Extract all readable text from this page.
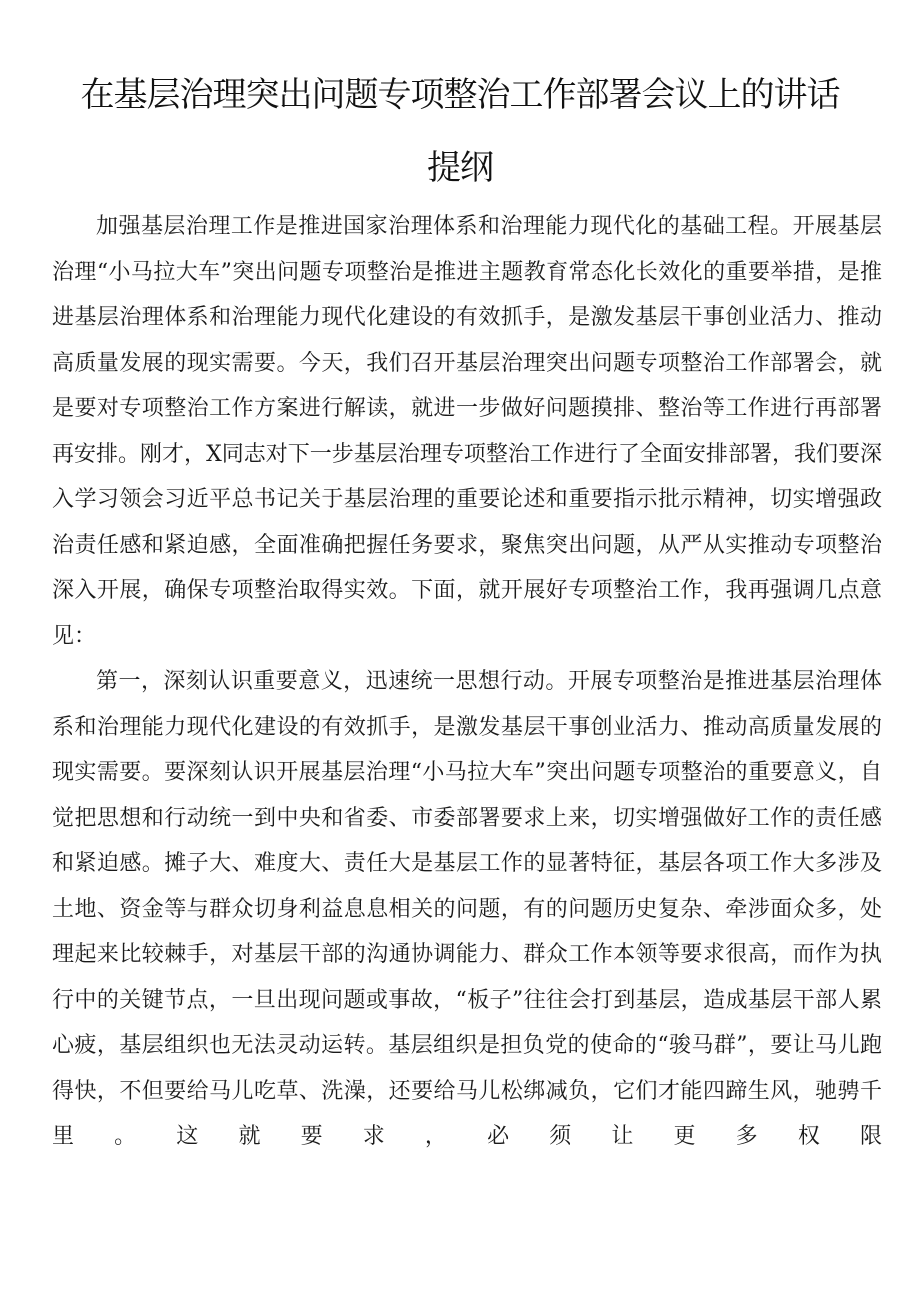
在基层治理突出问题专项整治工作部署会议上的讲话
提纲

加强基层治理工作是推进国家治理体系和治理能力现代化的基础工程。开展基层治理“小马拉大车”突出问题专项整治是推进主题教育常态化长效化的重要举措，是推进基层治理体系和治理能力现代化建设的有效抓手，是激发基层干事创业活力、推动高质量发展的现实需要。今天，我们召开基层治理突出问题专项整治工作部署会，就是要对专项整治工作方案进行解读，就进一步做好问题摸排、整治等工作进行再部署再安排。刚才，X同志对下一步基层治理专项整治工作进行了全面安排部署，我们要深入学习领会习近平总书记关于基层治理的重要论述和重要指示批示精神，切实增强政治责任感和紧迫感，全面准确把握任务要求，聚焦突出问题，从严从实推动专项整治深入开展，确保专项整治取得实效。下面，就开展好专项整治工作，我再强调几点意见：

第一，深刻认识重要意义，迅速统一思想行动。开展专项整治是推进基层治理体系和治理能力现代化建设的有效抓手，是激发基层干事创业活力、推动高质量发展的现实需要。要深刻认识开展基层治理“小马拉大车”突出问题专项整治的重要意义，自觉把思想和行动统一到中央和省委、市委部署要求上来，切实增强做好工作的责任感和紧迫感。摊子大、难度大、责任大是基层工作的显著特征，基层各项工作大多涉及土地、资金等与群众切身利益息息相关的问题，有的问题历史复杂、牵涉面众多，处理起来比较棘手，对基层干部的沟通协调能力、群众工作本领等要求很高，而作为执行中的关键节点，一旦出现问题或事故，“板子”往往会打到基层，造成基层干部人累心疲，基层组织也无法灵动运转。基层组织是担负党的使命的“骏马群”，要让马儿跑得快，不但要给马儿吃草、洗澡，还要给马儿松绑减负，它们才能四蹄生风，驰骋千里。这就要求，必须让更多权限
